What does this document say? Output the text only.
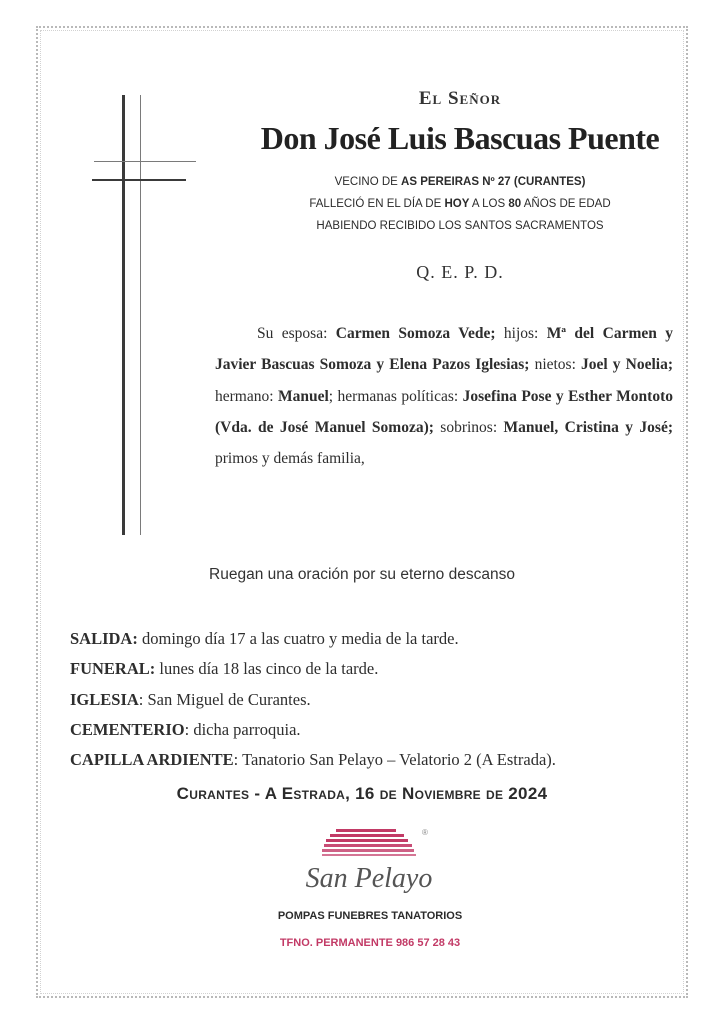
El Señor
Don José Luis Bascuas Puente
VECINO DE AS PEREIRAS Nº 27 (CURANTES)
FALLECIÓ EN EL DÍA DE HOY A LOS 80 AÑOS DE EDAD
HABIENDO RECIBIDO LOS SANTOS SACRAMENTOS
Q. E. P. D.
Su esposa: Carmen Somoza Vede; hijos: Mª del Carmen y Javier Bascuas Somoza y Elena Pazos Iglesias; nietos: Joel y Noelia; hermano: Manuel; hermanas políticas: Josefina Pose y Esther Montoto (Vda. de José Manuel Somoza); sobrinos: Manuel, Cristina y José; primos y demás familia,
Ruegan una oración por su eterno descanso
SALIDA: domingo día 17 a las cuatro y media de la tarde.
FUNERAL: lunes día 18 las cinco de la tarde.
IGLESIA: San Miguel de Curantes.
CEMENTERIO: dicha parroquia.
CAPILLA ARDIENTE: Tanatorio San Pelayo – Velatorio 2 (A Estrada).
Curantes - A Estrada, 16 de Noviembre de 2024
®
San Pelayo
POMPAS FUNEBRES TANATORIOS
TFNO. PERMANENTE 986 57 28 43
